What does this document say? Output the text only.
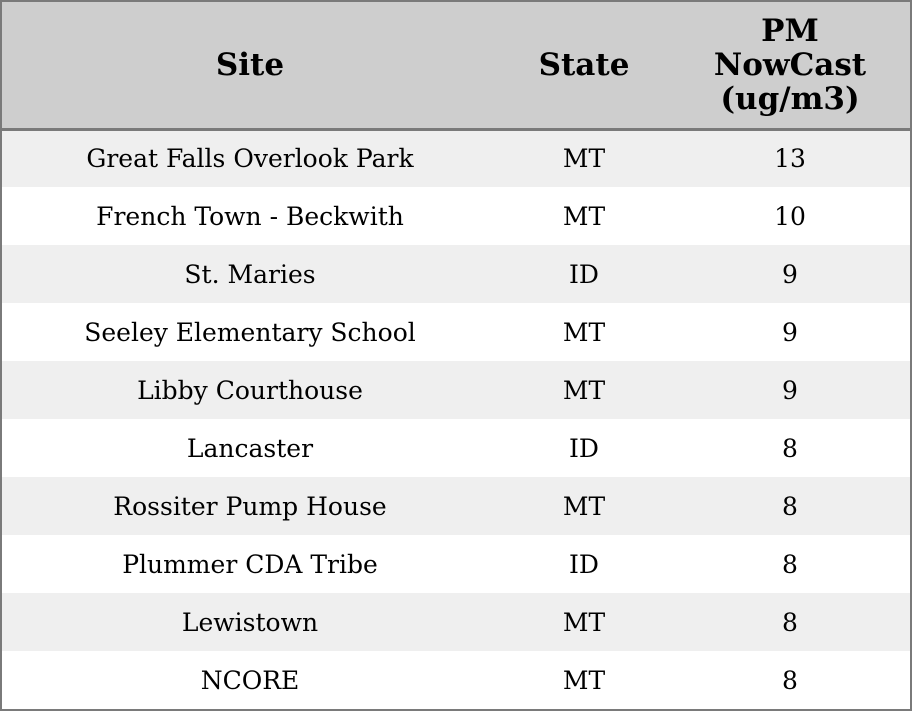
Site	State	PM
NowCast
(ug/m3)

Great Falls Overlook Park	MT	13
French Town - Beckwith	MT	10
St. Maries	ID	9
Seeley Elementary School	MT	9
Libby Courthouse	MT	9
Lancaster	ID	8
Rossiter Pump House	MT	8
Plummer CDA Tribe	ID	8
Lewistown	MT	8
NCORE	MT	8
